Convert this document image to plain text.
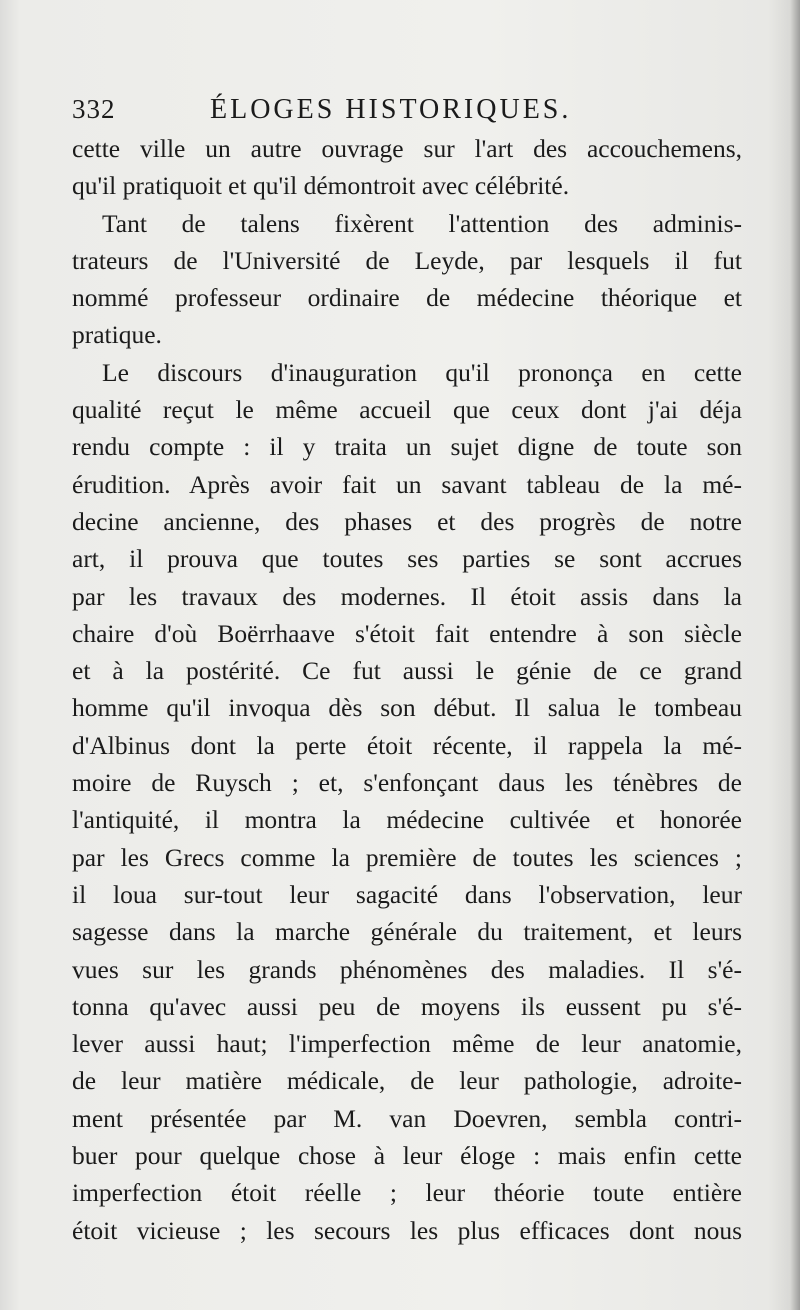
332	ÉLOGES HISTORIQUES.
cette ville un autre ouvrage sur l'art des accouchemens,
qu'il pratiquoit et qu'il démontroit avec célébrité.
Tant de talens fixèrent l'attention des adminis-
trateurs de l'Université de Leyde, par lesquels il fut
nommé professeur ordinaire de médecine théorique et
pratique.
Le discours d'inauguration qu'il prononça en cette
qualité reçut le même accueil que ceux dont j'ai déja
rendu compte : il y traita un sujet digne de toute son
érudition. Après avoir fait un savant tableau de la mé-
decine ancienne, des phases et des progrès de notre
art, il prouva que toutes ses parties se sont accrues
par les travaux des modernes. Il étoit assis dans la
chaire d'où Boërrhaave s'étoit fait entendre à son siècle
et à la postérité. Ce fut aussi le génie de ce grand
homme qu'il invoqua dès son début. Il salua le tombeau
d'Albinus dont la perte étoit récente, il rappela la mé-
moire de Ruysch ; et, s'enfonçant daus les ténèbres de
l'antiquité, il montra la médecine cultivée et honorée
par les Grecs comme la première de toutes les sciences ;
il loua sur-tout leur sagacité dans l'observation, leur
sagesse dans la marche générale du traitement, et leurs
vues sur les grands phénomènes des maladies. Il s'é-
tonna qu'avec aussi peu de moyens ils eussent pu s'é-
lever aussi haut; l'imperfection même de leur anatomie,
de leur matière médicale, de leur pathologie, adroite-
ment présentée par M. van Doevren, sembla contri-
buer pour quelque chose à leur éloge : mais enfin cette
imperfection étoit réelle ; leur théorie toute entière
étoit vicieuse ; les secours les plus efficaces dont nous
